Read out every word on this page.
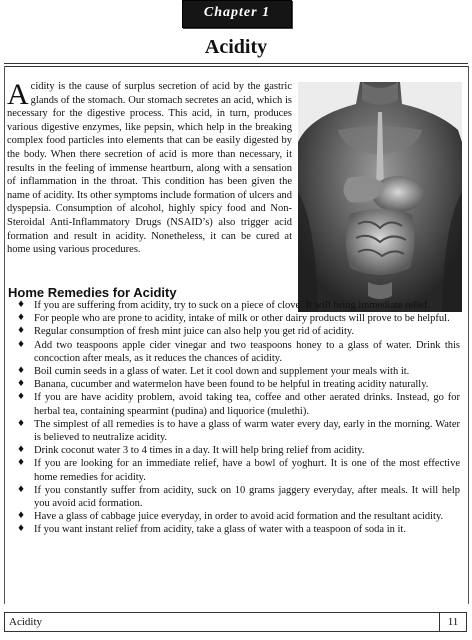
Chapter 1
Acidity

Acidity is the cause of surplus secretion of acid by the gastric glands of the stomach. Our stomach secretes an acid, which is necessary for the digestive process. This acid, in turn, produces various digestive enzymes, like pepsin, which help in the breaking complex food particles into elements that can be easily digested by the body. When there secretion of acid is more than necessary, it results in the feeling of immense heartburn, along with a sensation of inflammation in the throat. This condition has been given the name of acidity. Its other symptoms include formation of ulcers and dyspepsia. Consumption of alcohol, highly spicy food and Non-Steroidal Anti-Inflammatory Drugs (NSAID’s) also trigger acid formation and result in acidity. Nonetheless, it can be cured at home using various procedures.

Home Remedies for Acidity
♦ If you are suffering from acidity, try to suck on a piece of clove. It will bring immediate relief.
♦ For people who are prone to acidity, intake of milk or other dairy products will prove to be helpful.
♦ Regular consumption of fresh mint juice can also help you get rid of acidity.
♦ Add two teaspoons apple cider vinegar and two teaspoons honey to a glass of water. Drink this concoction after meals, as it reduces the chances of acidity.
♦ Boil cumin seeds in a glass of water. Let it cool down and supplement your meals with it.
♦ Banana, cucumber and watermelon have been found to be helpful in treating acidity naturally.
♦ If you are have acidity problem, avoid taking tea, coffee and other aerated drinks. Instead, go for herbal tea, containing spearmint (pudina) and liquorice (mulethi).
♦ The simplest of all remedies is to have a glass of warm water every day, early in the morning. Water is believed to neutralize acidity.
♦ Drink coconut water 3 to 4 times in a day. It will help bring relief from acidity.
♦ If you are looking for an immediate relief, have a bowl of yoghurt. It is one of the most effective home remedies for acidity.
♦ If you constantly suffer from acidity, suck on 10 grams jaggery everyday, after meals. It will help you avoid acid formation.
♦ Have a glass of cabbage juice everyday, in order to avoid acid formation and the resultant acidity.
♦ If you want instant relief from acidity, take a glass of water with a teaspoon of soda in it.
Acidity	11
